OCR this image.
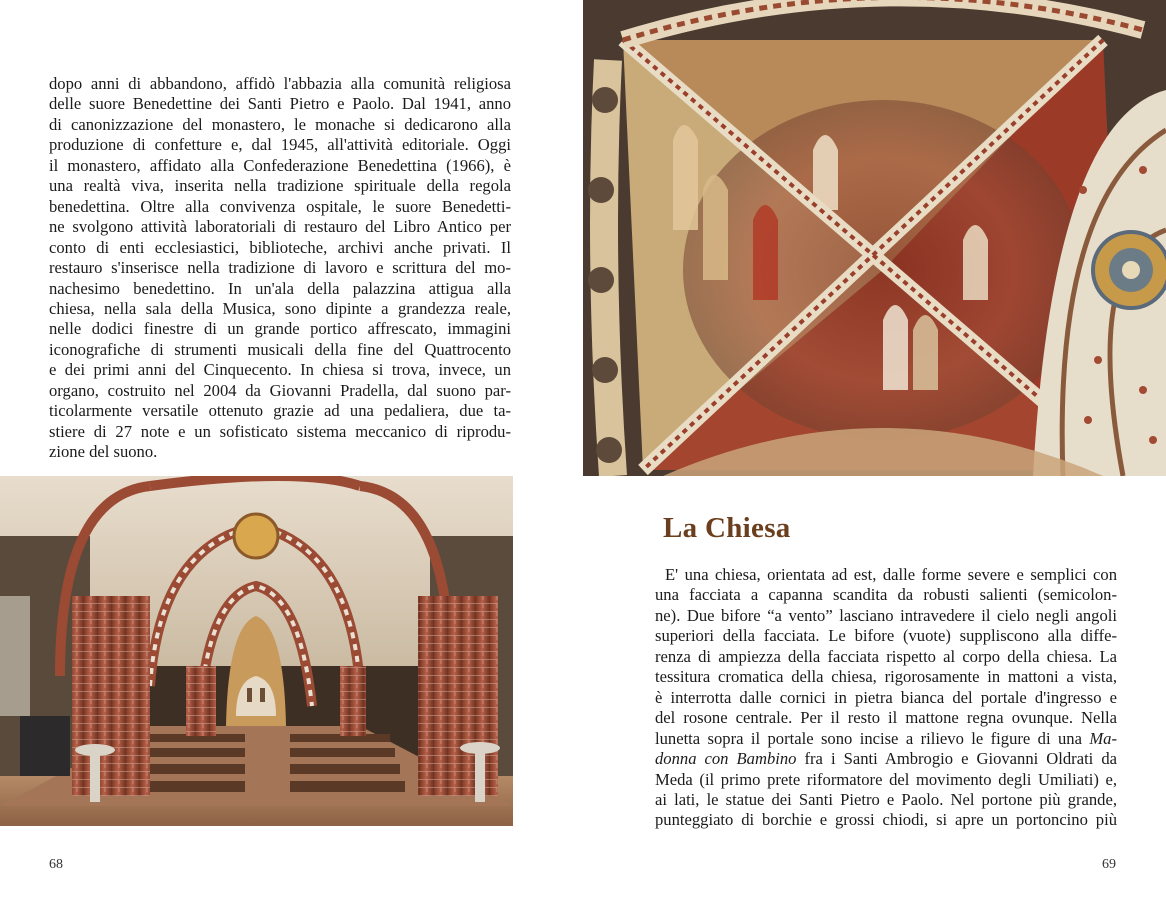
dopo anni di abbandono, affidò l'abbazia alla comunità religiosa
delle suore Benedettine dei Santi Pietro e Paolo. Dal 1941, anno
di canonizzazione del monastero, le monache si dedicarono alla
produzione di confetture e, dal 1945, all'attività editoriale. Oggi
il monastero, affidato alla Confederazione Benedettina (1966), è
una realtà viva, inserita nella tradizione spirituale della regola
benedettina. Oltre alla convivenza ospitale, le suore Benedetti-
ne svolgono attività laboratoriali di restauro del Libro Antico per
conto di enti ecclesiastici, biblioteche, archivi anche privati. Il
restauro s'inserisce nella tradizione di lavoro e scrittura del mo-
nachesimo benedettino. In un'ala della palazzina attigua alla
chiesa, nella sala della Musica, sono dipinte a grandezza reale,
nelle dodici finestre di un grande portico affrescato, immagini
iconografiche di strumenti musicali della fine del Quattrocento
e dei primi anni del Cinquecento. In chiesa si trova, invece, un
organo, costruito nel 2004 da Giovanni Pradella, dal suono par-
ticolarmente versatile ottenuto grazie ad una pedaliera, due ta-
stiere di 27 note e un sofisticato sistema meccanico di riprodu-
zione del suono.

68
La Chiesa

E' una chiesa, orientata ad est, dalle forme severe e semplici con
una facciata a capanna scandita da robusti salienti (semicolon-
ne). Due bifore “a vento” lasciano intravedere il cielo negli angoli
superiori della facciata. Le bifore (vuote) suppliscono alla diffe-
renza di ampiezza della facciata rispetto al corpo della chiesa. La
tessitura cromatica della chiesa, rigorosamente in mattoni a vista,
è interrotta dalle cornici in pietra bianca del portale d'ingresso e
del rosone centrale. Per il resto il mattone regna ovunque. Nella
lunetta sopra il portale sono incise a rilievo le figure di una Ma-
donna con Bambino fra i Santi Ambrogio e Giovanni Oldrati da
Meda (il primo prete riformatore del movimento degli Umiliati) e,
ai lati, le statue dei Santi Pietro e Paolo. Nel portone più grande,
punteggiato di borchie e grossi chiodi, si apre un portoncino più

69
